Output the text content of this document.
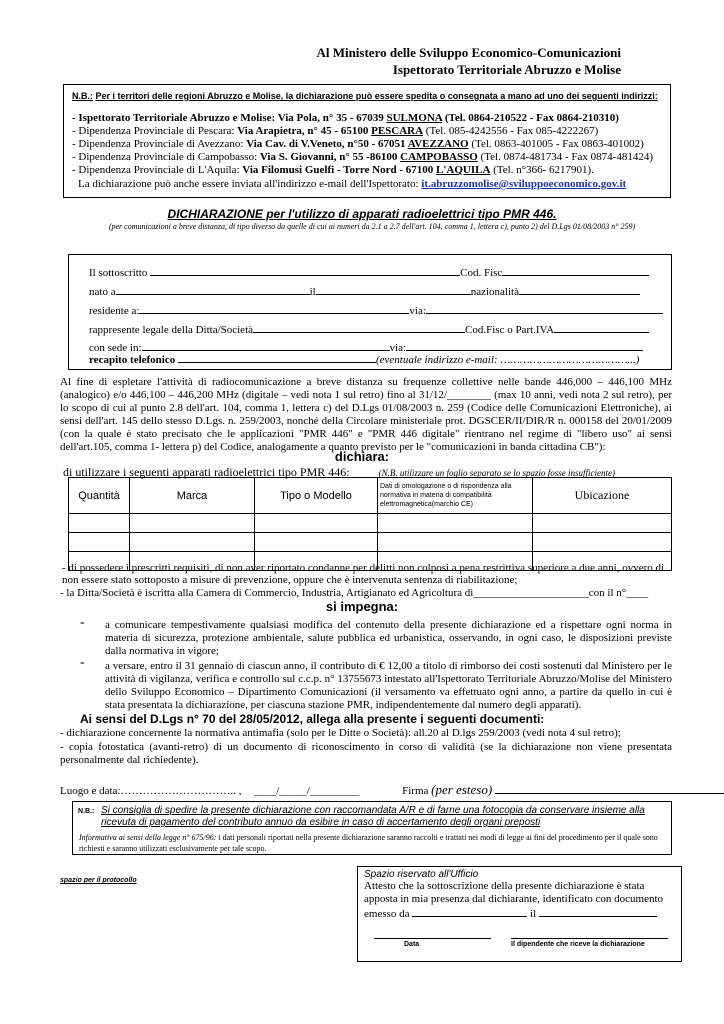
Al Ministero delle Sviluppo Economico-Comunicazioni
Ispettorato Territoriale Abruzzo e Molise
N.B.: Per i territori delle regioni Abruzzo e Molise, la dichiarazione può essere spedita o consegnata a mano ad uno dei seguenti indirizzi:
- Ispettorato Territoriale Abruzzo e Molise: Via Pola, n° 35 - 67039 SULMONA (Tel. 0864-210522 - Fax 0864-210310)
- Dipendenza Provinciale di Pescara: Via Arapietra, n° 45 - 65100 PESCARA (Tel. 085-4242556 - Fax 085-4222267)
- Dipendenza Provinciale di Avezzano: Via Cav. di V.Veneto, n°50 - 67051 AVEZZANO (Tel. 0863-401005 - Fax 0863-401002)
- Dipendenza Provinciale di Campobasso: Via S. Giovanni, n° 55 -86100 CAMPOBASSO (Tel. 0874-481734 - Fax 0874-481424)
- Dipendenza Provinciale di L'Aquila: Via Filomusi Guelfi - Torre Nord - 67100 L'AQUILA (Tel. n°366- 6217901).
La dichiarazione può anche essere inviata all'indirizzo e-mail dell'Ispettorato: it.abruzzomolise@sviluppoeconomico.gov.it
DICHIARAZIONE per l'utilizzo di apparati radioelettrici tipo PMR 446.
(per comunicazioni a breve distanza, di tipo diverso da quelle di cui ai numeri da 2.1 a 2.7 dell'art. 104, comma 1, lettera c), punto 2) del D.Lgs 01/08/2003 n° 259)
Il sottoscritto	Cod. Fisc
nato a	il	nazionalità
residente a:	via:
rappresente legale della Ditta/Società	Cod.Fisc o Part.IVA
con sede in:	via:
recapito telefonico	(eventuale indirizzo e-mail: …………………………………...)
Al fine di espletare l'attività di radiocomunicazione a breve distanza su frequenze collettive nelle bande 446,000 – 446,100 MHz (analogico) e/o 446,100 – 446,200 MHz (digitale – vedi nota 1 sul retro) fino al 31/12/________ (max 10 anni, vedi nota 2 sul retro), per lo scopo di cui al punto 2.8 dell'art. 104, comma 1, lettera c) del D.Lgs 01/08/2003 n. 259 (Codice delle Comunicazioni Elettroniche), ai sensi dell'art. 145 dello stesso D.Lgs. n. 259/2003, nonché della Circolare ministeriale prot. DGSCER/II/DIR/R n. 000158 del 20/01/2009 (con la quale è stato precisato che le applicazioni "PMR 446" e "PMR 446 digitale" rientrano nel regime di "libero uso" ai sensi dell'art.105, comma 1- lettera p) del Codice, analogamente a quanto previsto per le "comunicazioni in banda cittadina CB"):
dichiara:
di utilizzare i seguenti apparati radioelettrici tipo PMR 446:	(N.B. utilizzare un foglio separato se lo spazio fosse insufficiente)
Quantità	Marca	Tipo o Modello	Dati di omologazione o di rispondenza alla normativa in materia di compatibilità elettromagnetica(marchio CE)	Ubicazione

- di possedere i prescritti requisiti, di non aver riportato condanne per delitti non colposi a pena restrittiva superiore a due anni, ovvero di non essere stato sottoposto a misure di prevenzione, oppure che è intervenuta sentenza di riabilitazione;
- la Ditta/Società è iscritta alla Camera di Commercio, Industria, Artigianato ed Agricoltura di_____________________con il n°____
si impegna:
- a comunicare tempestivamente qualsiasi modifica del contenuto della presente dichiarazione ed a rispettare ogni norma in materia di sicurezza, protezione ambientale, salute pubblica ed urbanistica, osservando, in ogni caso, le disposizioni previste dalla normativa in vigore;
- a versare, entro il 31 gennaio di ciascun anno, il contributo di € 12,00 a titolo di rimborso dei costi sostenuti dal Ministero per le attività di vigilanza, verifica e controllo sul c.c.p. n° 13755673 intestato all'Ispettorato Territoriale Abruzzo/Molise del Ministero dello Sviluppo Economico – Dipartimento Comunicazioni (il versamento va effettuato ogni anno, a partire da quello in cui è stata presentata la dichiarazione, per ciascuna stazione PMR, indipendentemente dal numero degli apparati).
Ai sensi del D.Lgs n° 70 del 28/05/2012, allega alla presente i seguenti documenti:
- dichiarazione concernente la normativa antimafia (solo per le Ditte o Società): all.20 al D.lgs 259/2003 (vedi nota 4 sul retro);
- copia fotostatica (avanti-retro) di un documento di riconoscimento in corso di validità (se la dichiarazione non viene presentata personalmente dal richiedente).
Luogo e data:………………………….. , ____/_____/_________	Firma (per esteso)
N.B.: Si consiglia di spedire la presente dichiarazione con raccomandata A/R e di farne una fotocopia da conservare insieme alla ricevuta di pagamento del contributo annuo da esibire in caso di accertamento degli organi preposti
Informativa ai sensi della legge n° 675/96: i dati personali riportati nella presente dichiarazione saranno raccolti e trattati nei modi di legge ai fini del procedimento per il quale sono richiesti e saranno utilizzati esclusivamente per tale scopo.
spazio per il protocollo
Spazio riservato all'Ufficio
Attesto che la sottoscrizione della presente dichiarazione è stata apposta in mia presenza dal dichiarante, identificato con documento
emesso da	il
Data	Il dipendente che riceve la dichiarazione
